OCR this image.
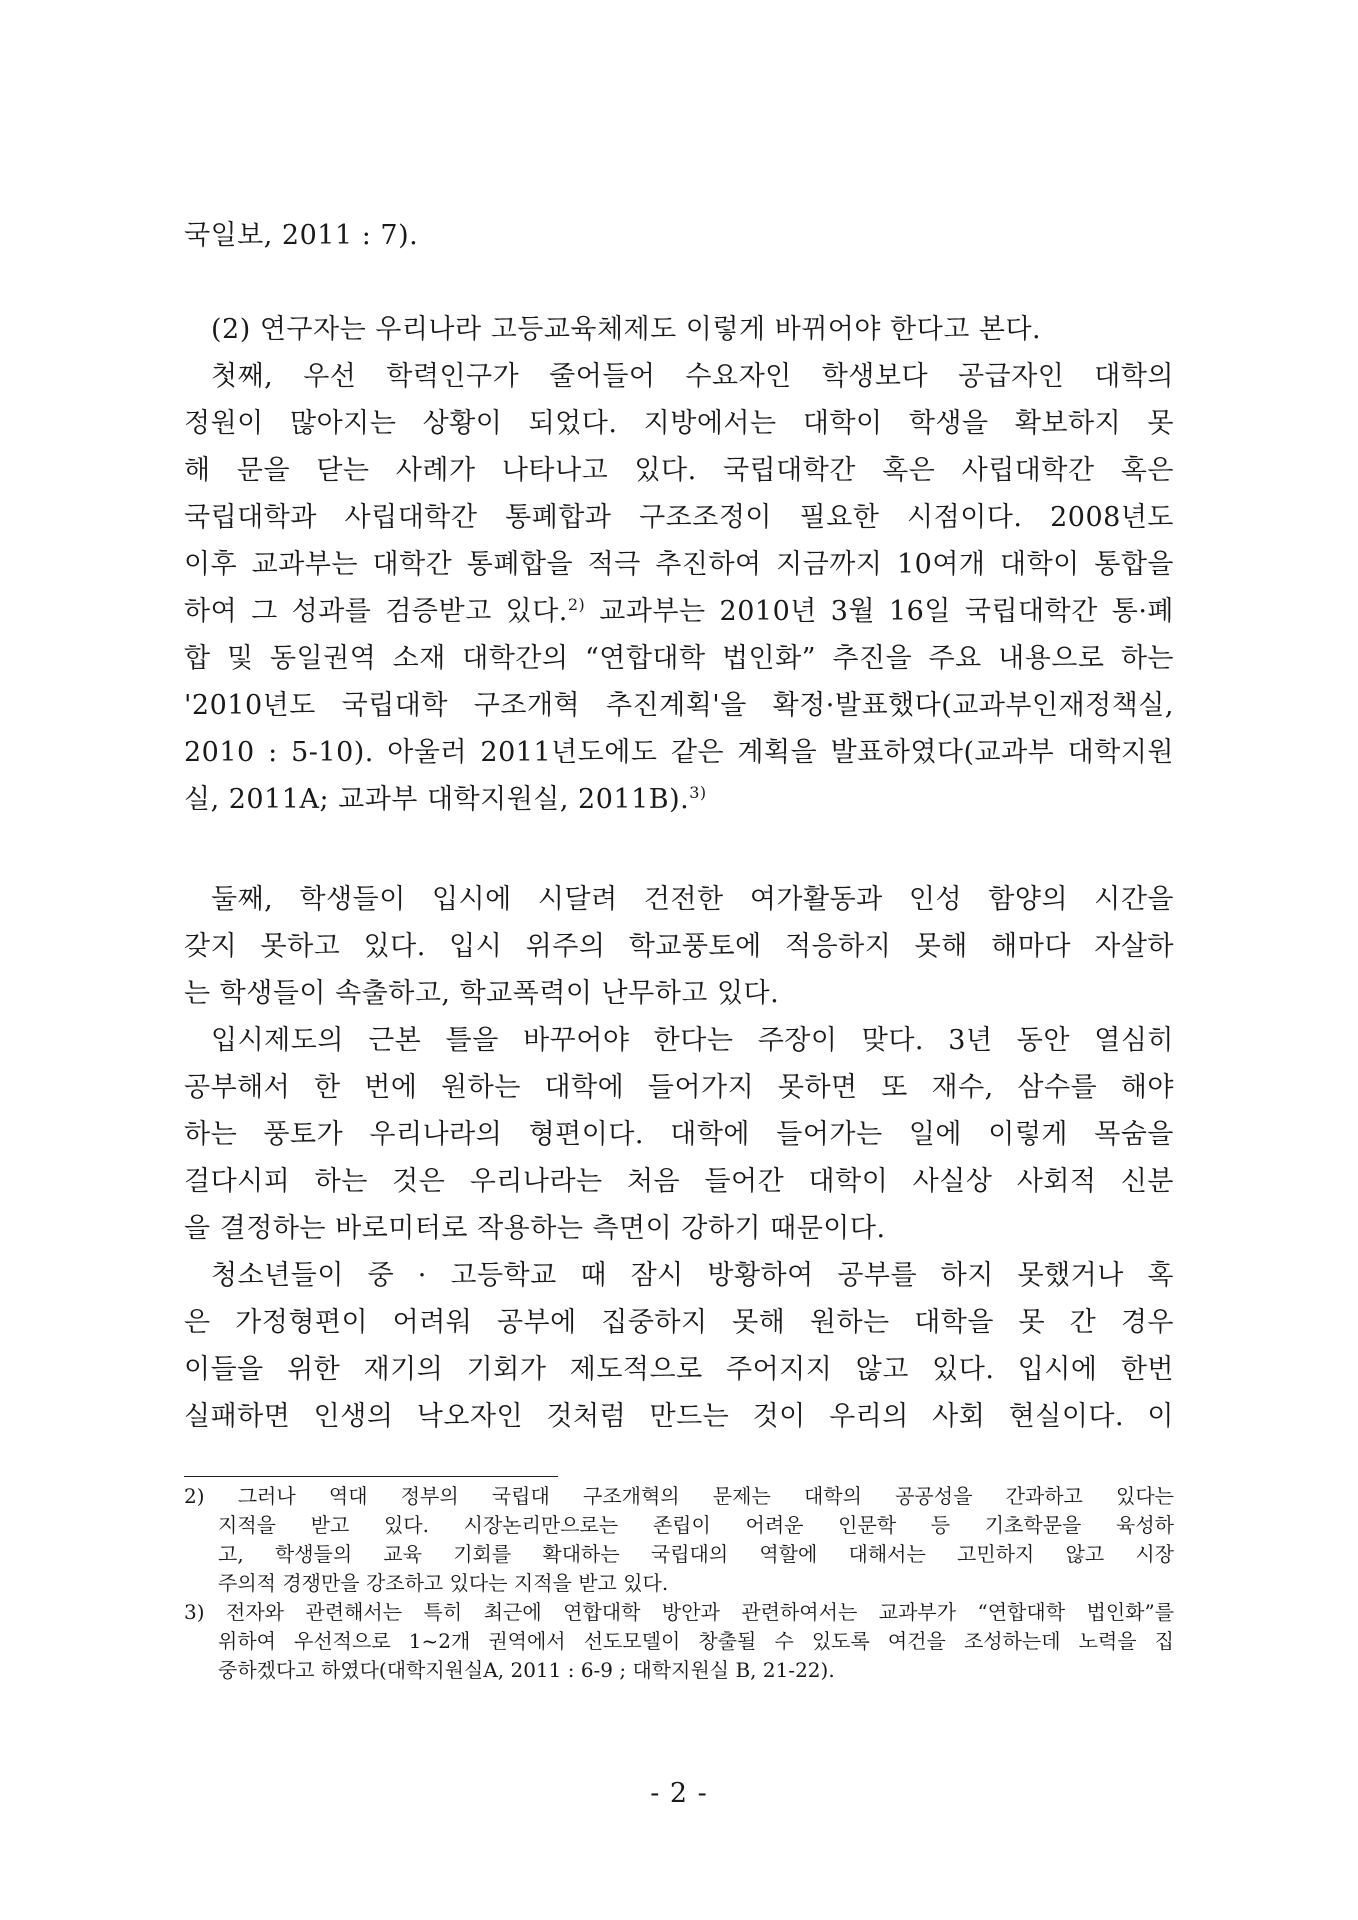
국일보, 2011 : 7).
(2) 연구자는 우리나라 고등교육체제도 이렇게 바뀌어야 한다고 본다.
첫째, 우선 학력인구가 줄어들어 수요자인 학생보다 공급자인 대학의
정원이 많아지는 상황이 되었다. 지방에서는 대학이 학생을 확보하지 못
해 문을 닫는 사례가 나타나고 있다. 국립대학간 혹은 사립대학간 혹은
국립대학과 사립대학간 통폐합과 구조조정이 필요한 시점이다. 2008년도
이후 교과부는 대학간 통폐합을 적극 추진하여 지금까지 10여개 대학이 통합을
하여 그 성과를 검증받고 있다.$^{2)}$ 교과부는 2010년 3월 16일 국립대학간 통·폐
합 및 동일권역 소재 대학간의 “연합대학 법인화” 추진을 주요 내용으로 하는
'2010년도 국립대학 구조개혁 추진계획'을 확정·발표했다(교과부인재정책실,
2010 : 5-10). 아울러 2011년도에도 같은 계획을 발표하였다(교과부 대학지원
실, 2011A; 교과부 대학지원실, 2011B).$^{3)}$
둘째, 학생들이 입시에 시달려 건전한 여가활동과 인성 함양의 시간을
갖지 못하고 있다. 입시 위주의 학교풍토에 적응하지 못해 해마다 자살하
는 학생들이 속출하고, 학교폭력이 난무하고 있다.
입시제도의 근본 틀을 바꾸어야 한다는 주장이 맞다. 3년 동안 열심히
공부해서 한 번에 원하는 대학에 들어가지 못하면 또 재수, 삼수를 해야
하는 풍토가 우리나라의 형편이다. 대학에 들어가는 일에 이렇게 목숨을
걸다시피 하는 것은 우리나라는 처음 들어간 대학이 사실상 사회적 신분
을 결정하는 바로미터로 작용하는 측면이 강하기 때문이다.
청소년들이 중 · 고등학교 때 잠시 방황하여 공부를 하지 못했거나 혹
은 가정형편이 어려워 공부에 집중하지 못해 원하는 대학을 못 간 경우
이들을 위한 재기의 기회가 제도적으로 주어지지 않고 있다. 입시에 한번
실패하면 인생의 낙오자인 것처럼 만드는 것이 우리의 사회 현실이다. 이
2) 그러나 역대 정부의 국립대 구조개혁의 문제는 대학의 공공성을 간과하고 있다는
지적을 받고 있다. 시장논리만으로는 존립이 어려운 인문학 등 기초학문을 육성하
고, 학생들의 교육 기회를 확대하는 국립대의 역할에 대해서는 고민하지 않고 시장
주의적 경쟁만을 강조하고 있다는 지적을 받고 있다.
3) 전자와 관련해서는 특히 최근에 연합대학 방안과 관련하여서는 교과부가 “연합대학 법인화”를
위하여 우선적으로 1~2개 권역에서 선도모델이 창출될 수 있도록 여건을 조성하는데 노력을 집
중하겠다고 하였다(대학지원실A, 2011 : 6-9 ; 대학지원실 B, 21-22).
- 2 -
